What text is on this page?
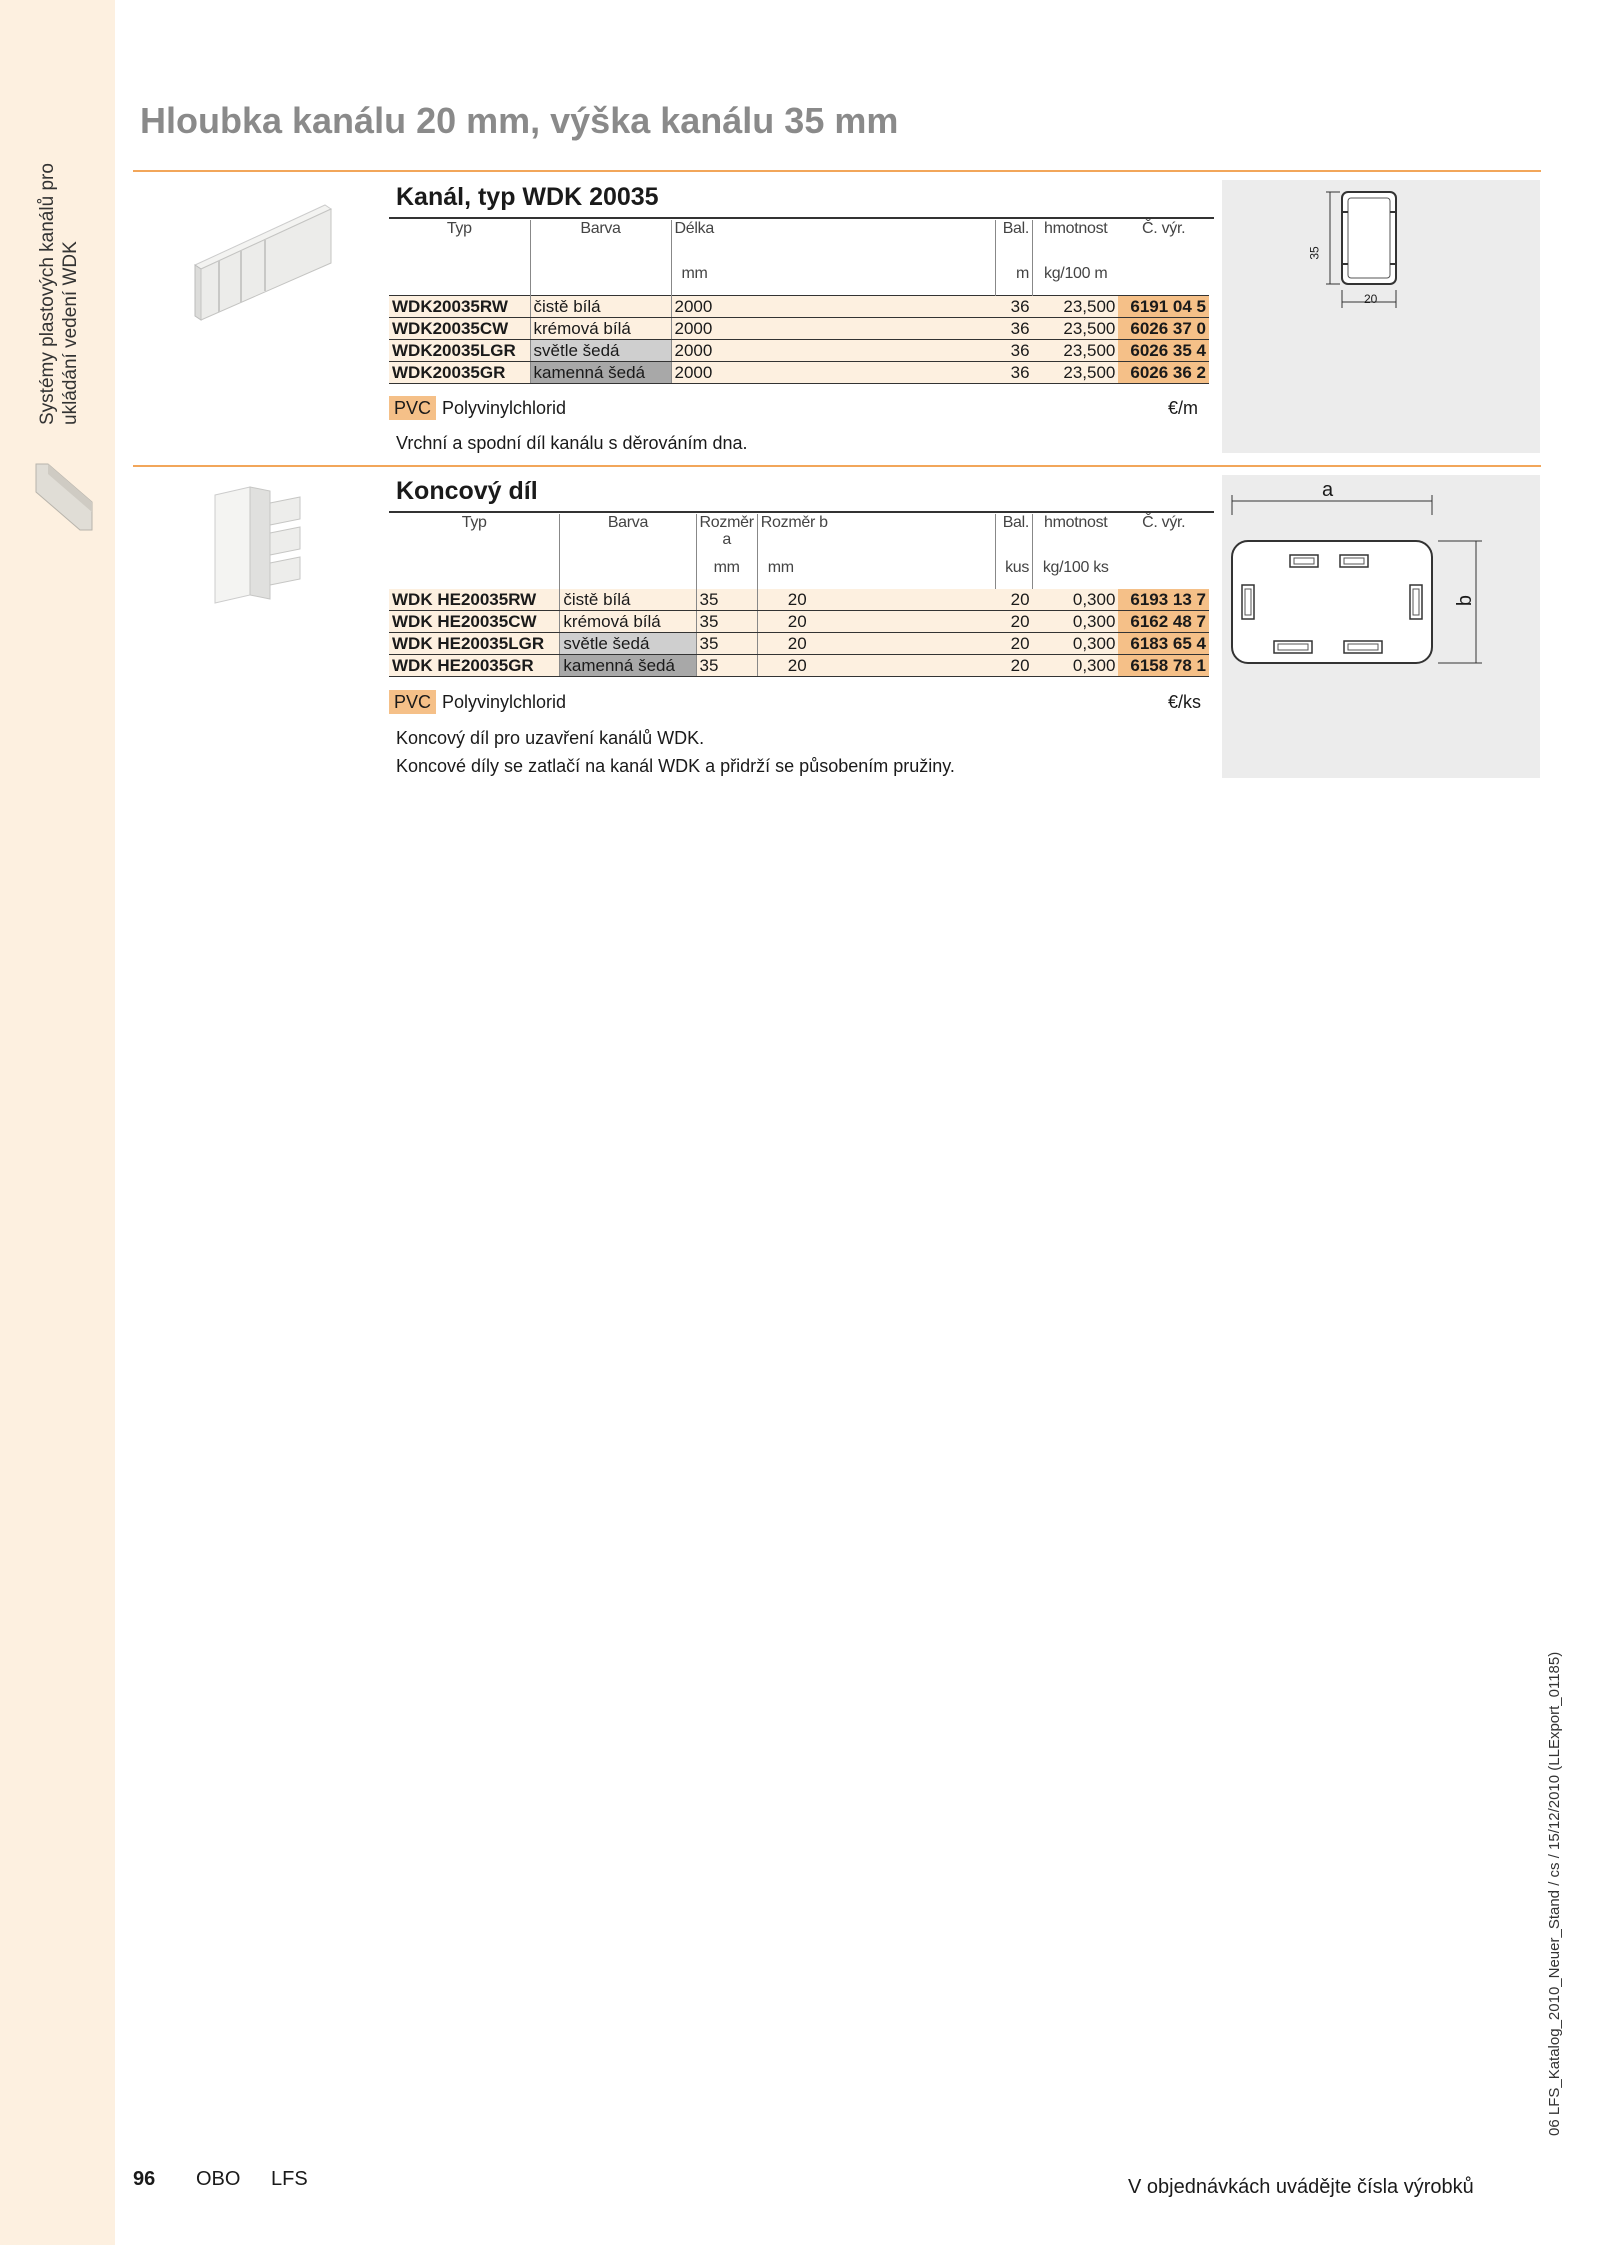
Systémy plastových kanálů pro ukládání vedení WDK
Hloubka kanálu 20 mm, výška kanálu 35 mm
Kanál, typ WDK 20035
Typ	Barva	Délka	Bal.	hmotnost	Č. výr.
		mm	m	kg/100 m	
WDK20035RW	čistě bílá	2000	36	23,500	6191 04 5
WDK20035CW	krémová bílá	2000	36	23,500	6026 37 0
WDK20035LGR	světle šedá	2000	36	23,500	6026 35 4
WDK20035GR	kamenná šedá	2000	36	23,500	6026 36 2
PVC Polyvinylchlorid	€/m
Vrchní a spodní díl kanálu s děrováním dna.
35
20
Koncový díl
Typ	Barva	Rozměr a	Rozměr b	Bal.	hmotnost	Č. výr.
		mm	mm	kus	kg/100 ks	
WDK HE20035RW	čistě bílá	35	20	20	0,300	6193 13 7
WDK HE20035CW	krémová bílá	35	20	20	0,300	6162 48 7
WDK HE20035LGR	světle šedá	35	20	20	0,300	6183 65 4
WDK HE20035GR	kamenná šedá	35	20	20	0,300	6158 78 1
PVC Polyvinylchlorid	€/ks
Koncový díl pro uzavření kanálů WDK.
Koncové díly se zatlačí na kanál WDK a přidrží se působením pružiny.
a
b
96 OBO LFS	V objednávkách uvádějte čísla výrobků
06 LFS_Katalog_2010_Neuer_Stand / cs / 15/12/2010 (LLExport_01185)
